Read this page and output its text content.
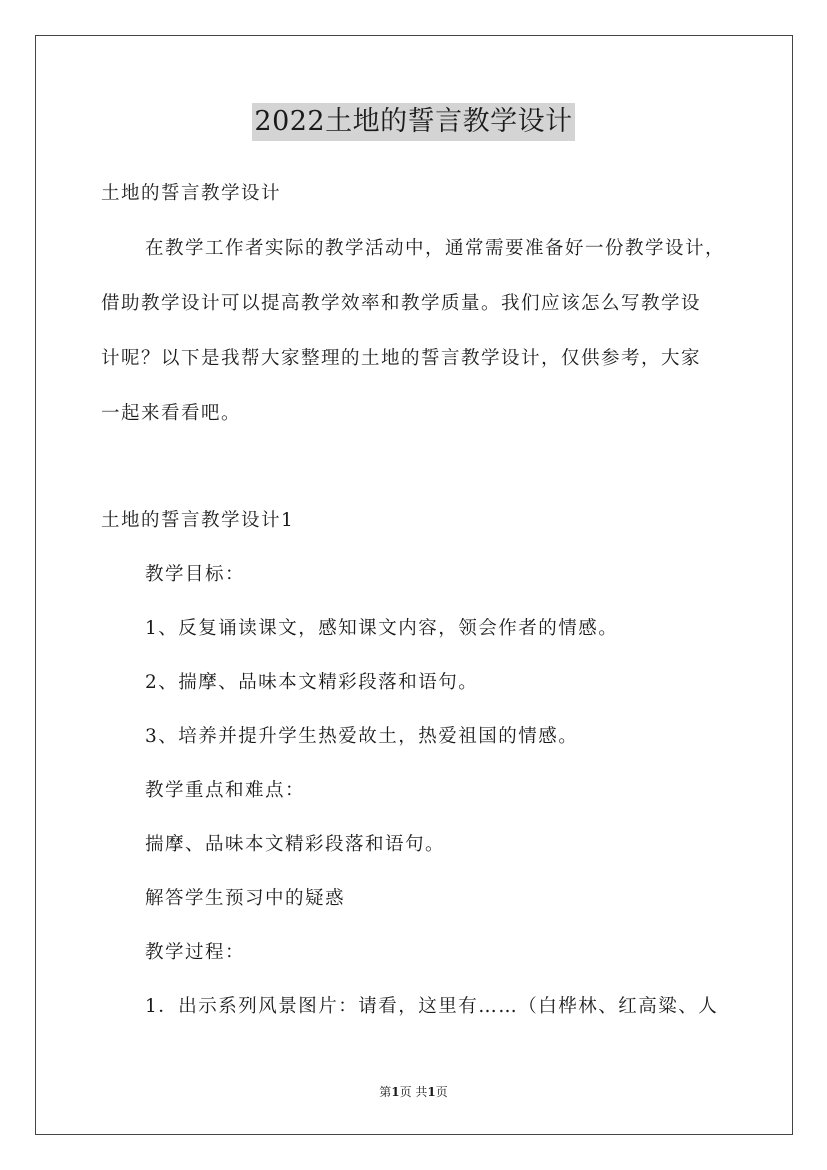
2022土地的誓言教学设计
土地的誓言教学设计
在教学工作者实际的教学活动中，通常需要准备好一份教学设计，
借助教学设计可以提高教学效率和教学质量。我们应该怎么写教学设
计呢？以下是我帮大家整理的土地的誓言教学设计，仅供参考，大家
一起来看看吧。
土地的誓言教学设计1
教学目标：
1、反复诵读课文，感知课文内容，领会作者的情感。
2、揣摩、品味本文精彩段落和语句。
3、培养并提升学生热爱故土，热爱祖国的情感。
教学重点和难点：
揣摩、品味本文精彩段落和语句。
解答学生预习中的疑惑
教学过程：
1．出示系列风景图片：请看，这里有……（白桦林、红高粱、人
第1页 共1页
